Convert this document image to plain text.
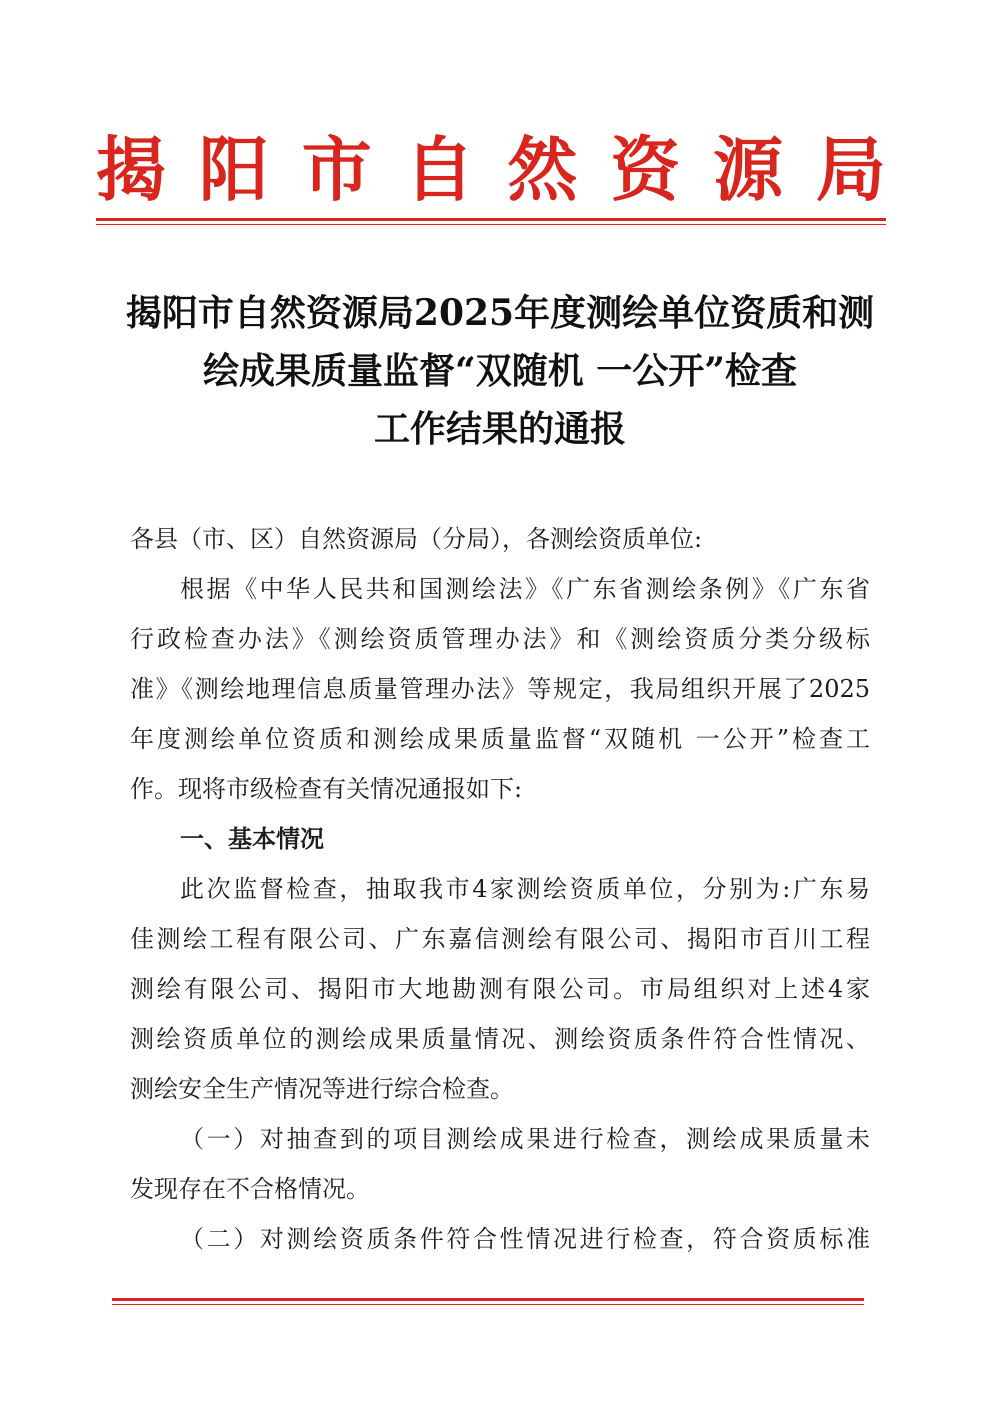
揭 阳 市 自 然 资 源 局
揭阳市自然资源局2025年度测绘单位资质和测
绘成果质量监督“双随机 一公开”检查
工作结果的通报
各县（市、区）自然资源局（分局），各测绘资质单位:
根据《中华人民共和国测绘法》《广东省测绘条例》《广东省
行政检查办法》《测绘资质管理办法》和《测绘资质分类分级标
准》《测绘地理信息质量管理办法》等规定，我局组织开展了2025
年度测绘单位资质和测绘成果质量监督“双随机 一公开”检查工
作。现将市级检查有关情况通报如下:
一、基本情况
此次监督检查，抽取我市4家测绘资质单位，分别为:广东易
佳测绘工程有限公司、广东嘉信测绘有限公司、揭阳市百川工程
测绘有限公司、揭阳市大地勘测有限公司。市局组织对上述4家
测绘资质单位的测绘成果质量情况、测绘资质条件符合性情况、
测绘安全生产情况等进行综合检查。
（一）对抽查到的项目测绘成果进行检查，测绘成果质量未
发现存在不合格情况。
（二）对测绘资质条件符合性情况进行检查，符合资质标准
